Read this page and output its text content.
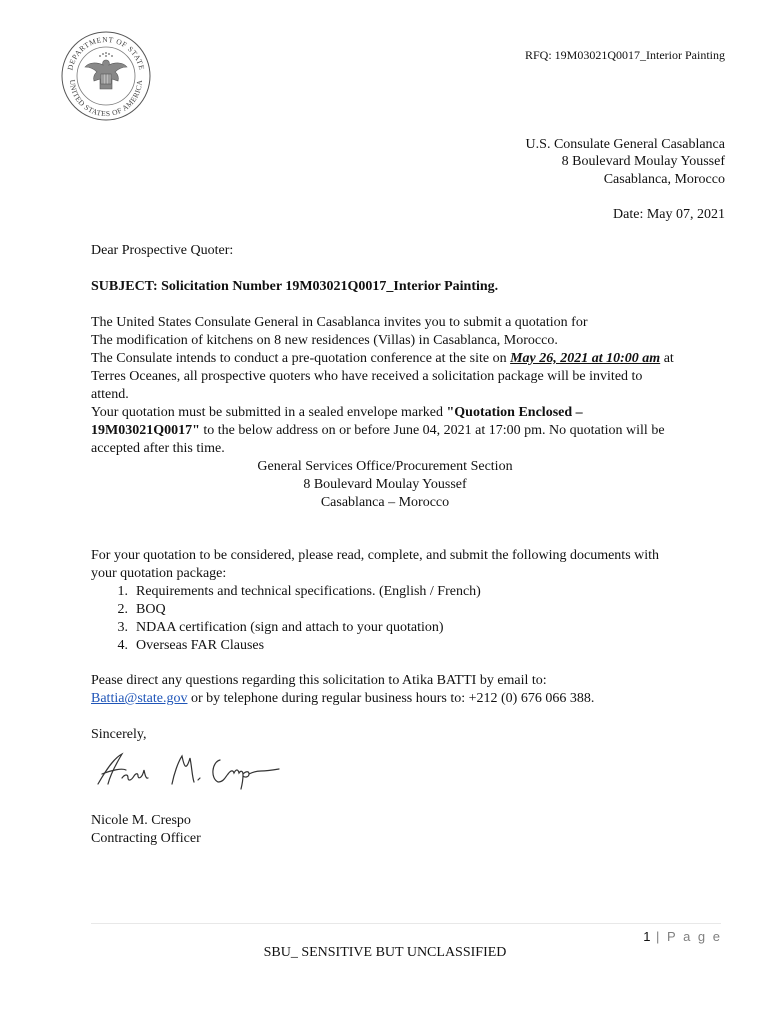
DEPARTMENT OF STATE
UNITED STATES OF AMERICA
RFQ: 19M03021Q0017_Interior Painting
U.S. Consulate General Casablanca
8 Boulevard Moulay Youssef
Casablanca, Morocco
Date: May 07, 2021
Dear Prospective Quoter:
SUBJECT: Solicitation Number 19M03021Q0017_Interior Painting.
The United States Consulate General in Casablanca invites you to submit a quotation for
The modification of kitchens on 8 new residences (Villas) in Casablanca, Morocco.
The Consulate intends to conduct a pre-quotation conference at the site on May 26, 2021 at 10:00 am at
Terres Oceanes, all prospective quoters who have received a solicitation package will be invited to
attend.
Your quotation must be submitted in a sealed envelope marked "Quotation Enclosed –
19M03021Q0017" to the below address on or before June 04, 2021 at 17:00 pm. No quotation will be
accepted after this time.
General Services Office/Procurement Section
8 Boulevard Moulay Youssef
Casablanca – Morocco
For your quotation to be considered, please read, complete, and submit the following documents with
your quotation package:
1. Requirements and technical specifications. (English / French)
2. BOQ
3. NDAA certification (sign and attach to your quotation)
4. Overseas FAR Clauses
Pease direct any questions regarding this solicitation to Atika BATTI by email to:
Battia@state.gov or by telephone during regular business hours to: +212 (0) 676 066 388.
Sincerely,
Nicole M. Crespo
Contracting Officer
1 | P a g e
SBU_ SENSITIVE BUT UNCLASSIFIED
